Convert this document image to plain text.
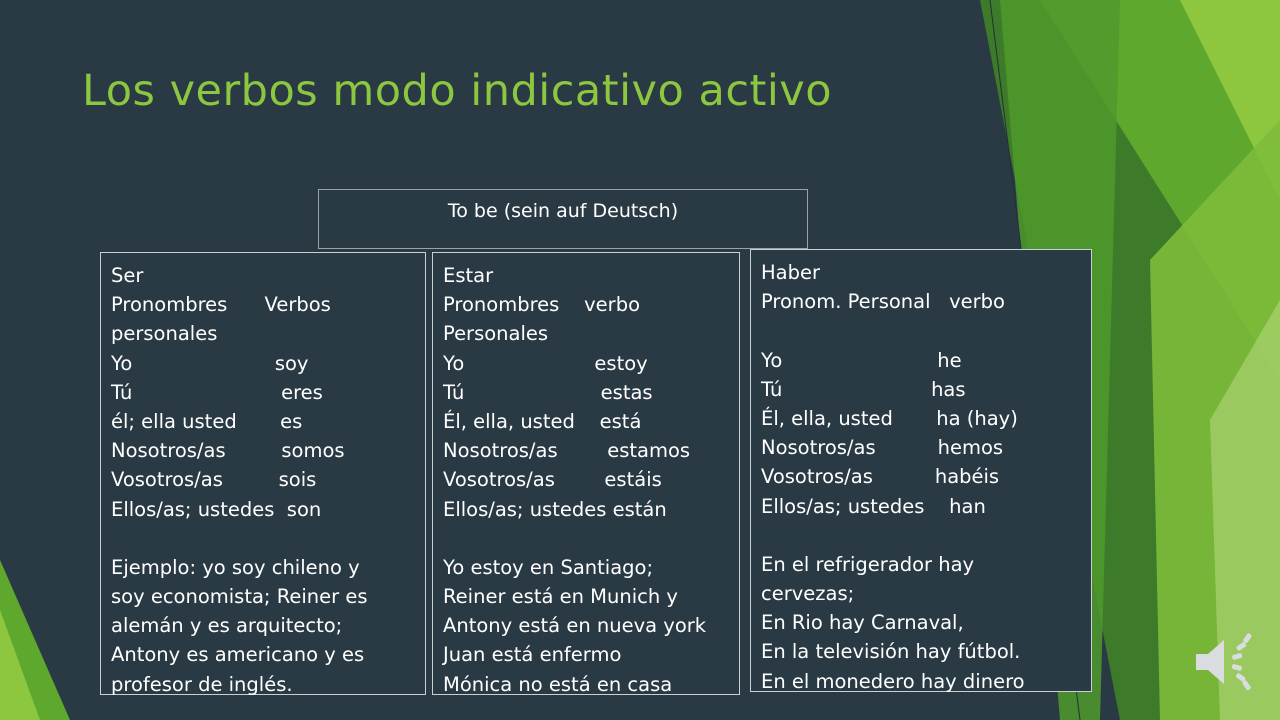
Los verbos modo indicativo activo
To be (sein auf Deutsch)
Ser
Pronombres      Verbos
personales
Yo                       soy
Tú                        eres
él; ella usted       es
Nosotros/as         somos
Vosotros/as         sois
Ellos/as; ustedes  son
Ejemplo: yo soy chileno y
soy economista; Reiner es
alemán y es arquitecto;
Antony es americano y es
profesor de inglés.
Estar
Pronombres    verbo
Personales
Yo                     estoy
Tú                      estas
Él, ella, usted    está
Nosotros/as        estamos
Vosotros/as        estáis
Ellos/as; ustedes están
Yo estoy en Santiago;
Reiner está en Munich y
Antony está en nueva york
Juan está enfermo
Mónica no está en casa
Haber
Pronom. Personal   verbo
Yo                         he
Tú                        has
Él, ella, usted       ha (hay)
Nosotros/as          hemos
Vosotros/as          habéis
Ellos/as; ustedes    han
En el refrigerador hay
cervezas;
En Rio hay Carnaval,
En la televisión hay fútbol.
En el monedero hay dinero
